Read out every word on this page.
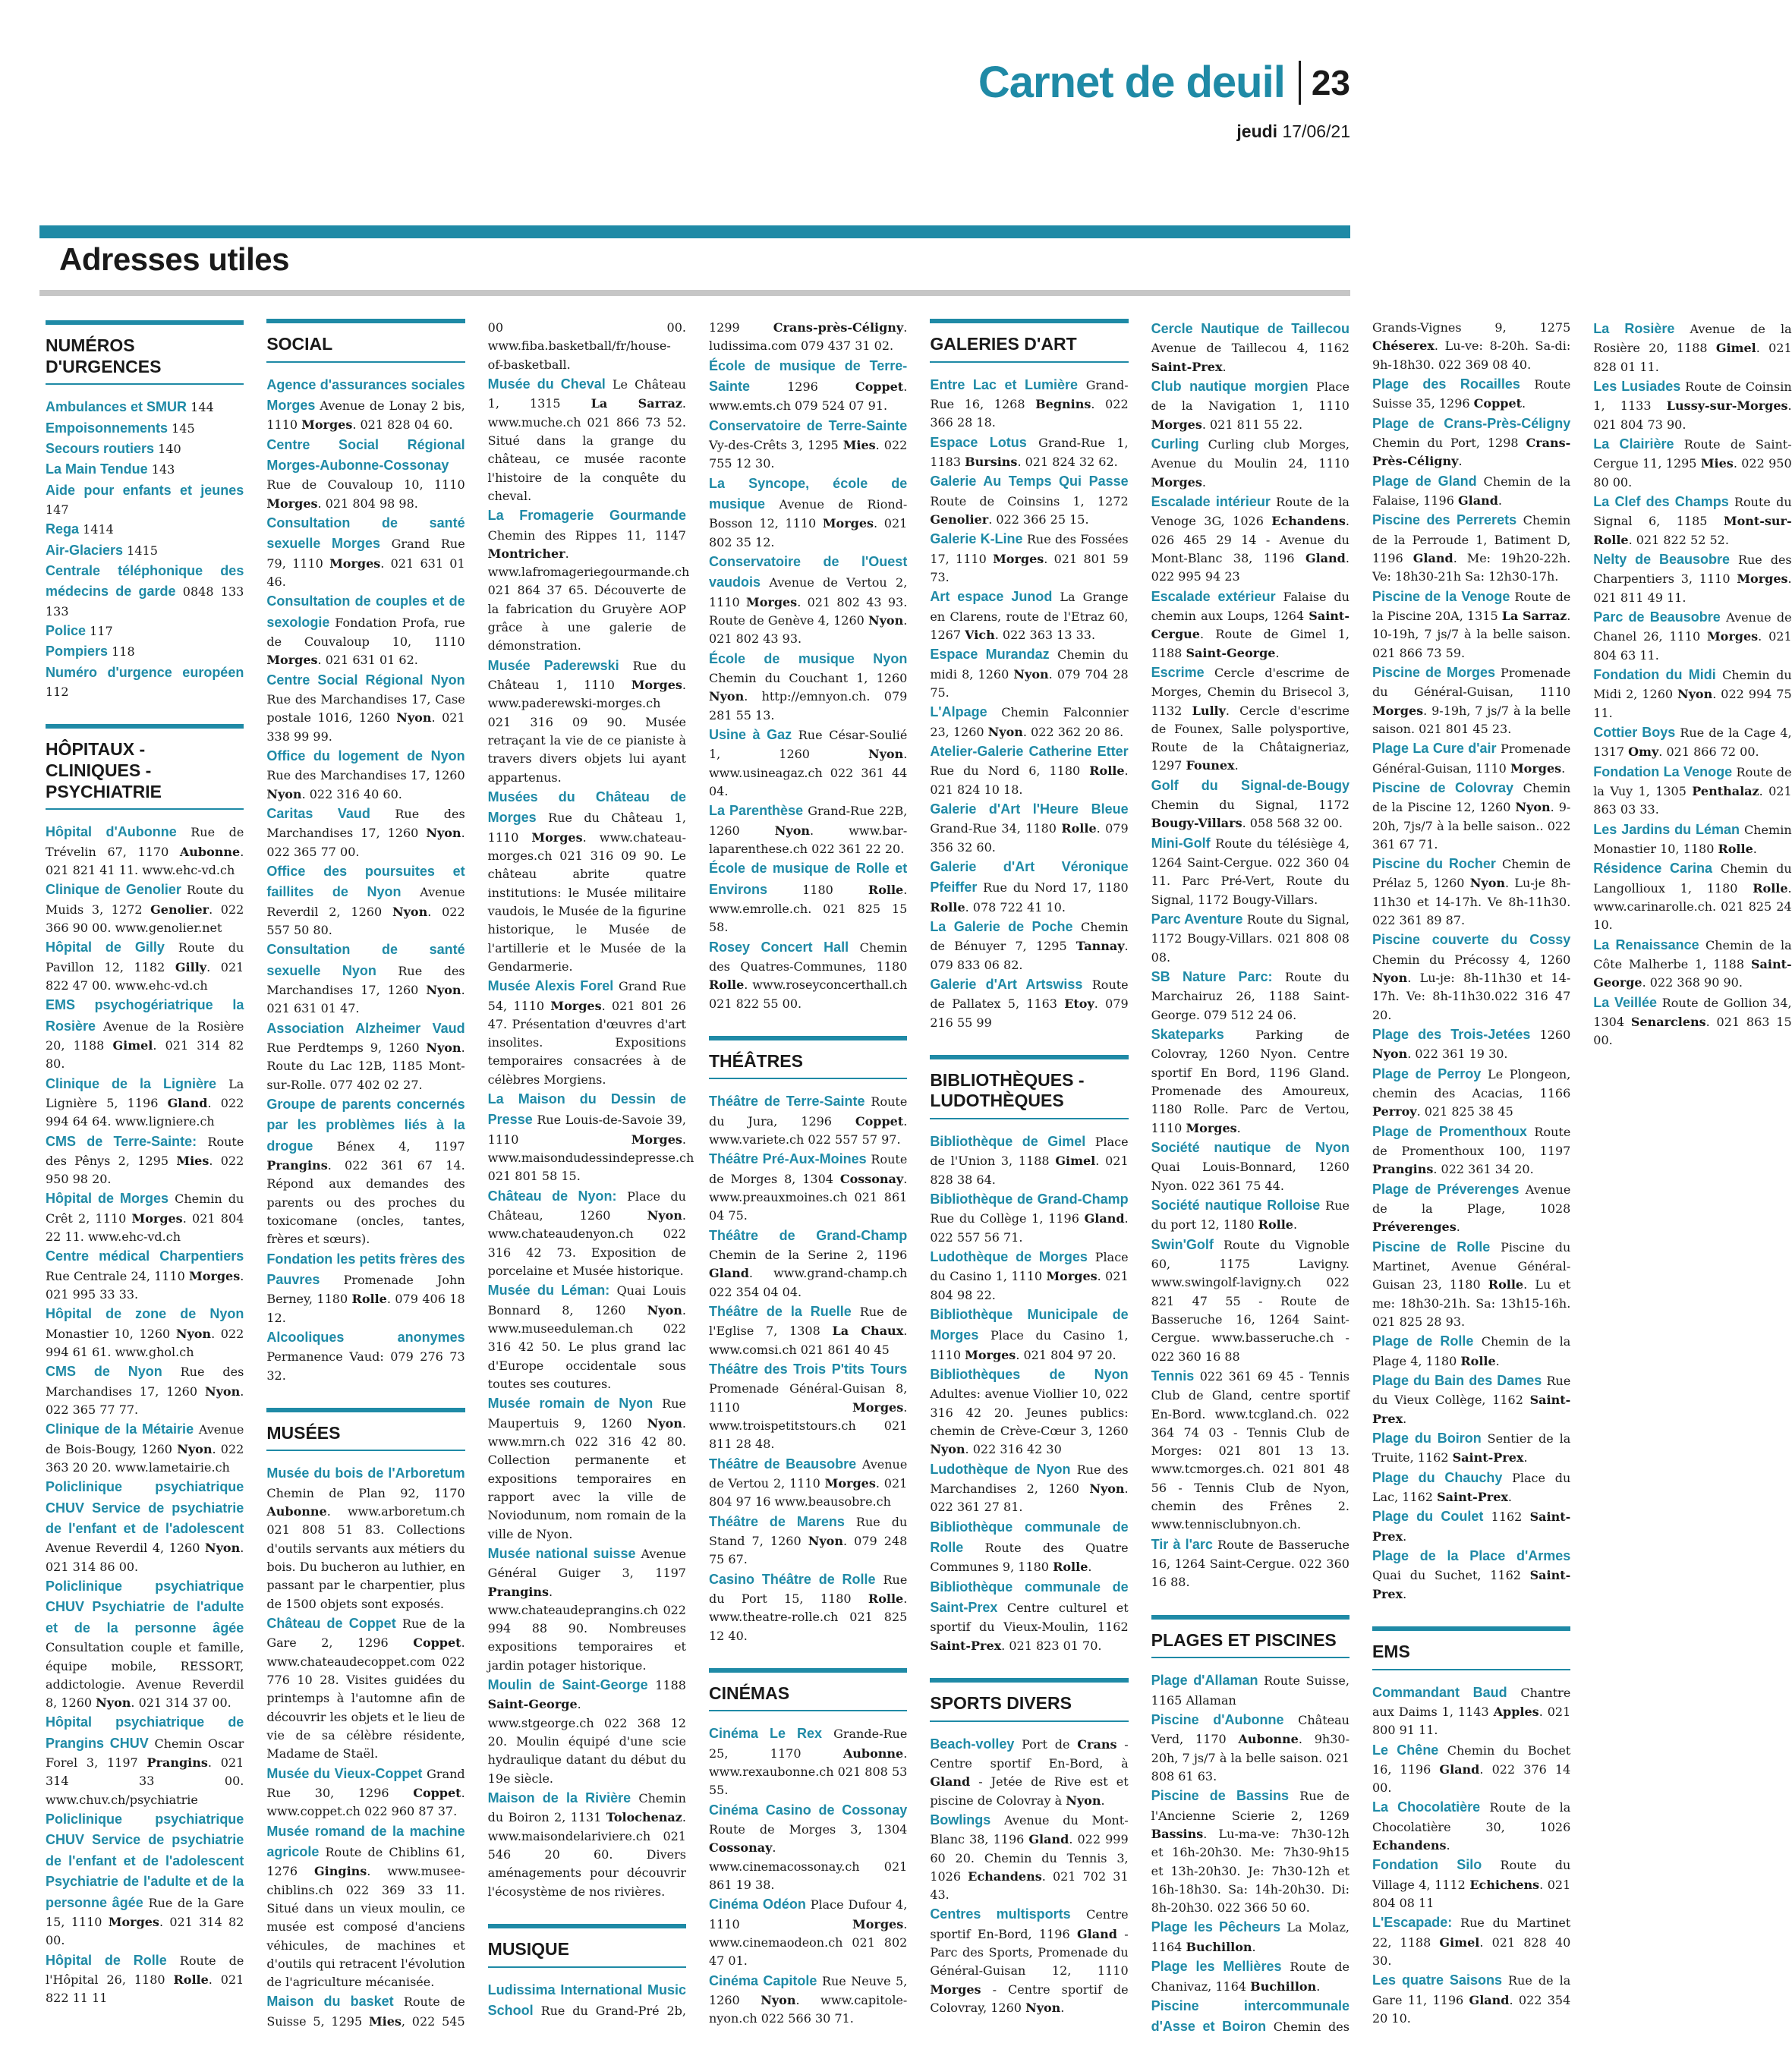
Carnet de deuil 23
jeudi 17/06/21
Adresses utiles
NUMÉROS D'URGENCES

Ambulances et SMUR 144

Empoisonnements 145

Secours routiers 140

La Main Tendue 143

Aide pour enfants et jeunes 147

Rega 1414

Air-Glaciers 1415

Centrale téléphonique des médecins de garde 0848 133 133

Police 117

Pompiers 118

Numéro d'urgence européen 112

HÔPITAUX - CLINIQUES - PSYCHIATRIE

Hôpital d'Aubonne Rue de Trévelin 67, 1170 Aubonne. 021 821 41 11. www.ehc-vd.ch

Clinique de Genolier Route du Muids 3, 1272 Genolier. 022 366 90 00. www.genolier.net

Hôpital de Gilly Route du Pavillon 12, 1182 Gilly. 021 822 47 00. www.ehc-vd.ch

EMS psychogériatrique la Rosière Avenue de la Rosière 20, 1188 Gimel. 021 314 82 80.

Clinique de la Lignière La Lignière 5, 1196 Gland. 022 994 64 64. www.ligniere.ch

CMS de Terre-Sainte: Route des Pênys 2, 1295 Mies. 022 950 98 20.

Hôpital de Morges Chemin du Crêt 2, 1110 Morges. 021 804 22 11. www.ehc-vd.ch

Centre médical Charpentiers Rue Centrale 24, 1110 Morges. 021 995 33 33.

Hôpital de zone de Nyon Monastier 10, 1260 Nyon. 022 994 61 61. www.ghol.ch

CMS de Nyon Rue des Marchandises 17, 1260 Nyon. 022 365 77 77.

Clinique de la Métairie Avenue de Bois-Bougy, 1260 Nyon. 022 363 20 20. www.lametairie.ch

Policlinique psychiatrique CHUV Service de psychiatrie de l'enfant et de l'adolescent Avenue Reverdil 4, 1260 Nyon. 021 314 86 00.

Policlinique psychiatrique CHUV Psychiatrie de l'adulte et de la personne âgée Consultation couple et famille, équipe mobile, RESSORT, addictologie. Avenue Reverdil 8, 1260 Nyon. 021 314 37 00.

Hôpital psychiatrique de Prangins CHUV Chemin Oscar Forel 3, 1197 Prangins. 021 314 33 00. www.chuv.ch/psychiatrie

Policlinique psychiatrique CHUV Service de psychiatrie de l'enfant et de l'adolescent Psychiatrie de l'adulte et de la personne âgée Rue de la Gare 15, 1110 Morges. 021 314 82 00.

Hôpital de Rolle Route de l'Hôpital 26, 1180 Rolle. 021 822 11 11

SOCIAL

Agence d'assurances sociales Morges Avenue de Lonay 2 bis, 1110 Morges. 021 828 04 60.

Centre Social Régional Morges-Aubonne-Cossonay Rue de Couvaloup 10, 1110 Morges. 021 804 98 98.

Consultation de santé sexuelle Morges Grand Rue 79, 1110 Morges. 021 631 01 46.

Consultation de couples et de sexologie Fondation Profa, rue de Couvaloup 10, 1110 Morges. 021 631 01 62.

Centre Social Régional Nyon Rue des Marchandises 17, Case postale 1016, 1260 Nyon. 021 338 99 99.

Office du logement de Nyon Rue des Marchandises 17, 1260 Nyon. 022 316 40 60.

Caritas Vaud Rue des Marchandises 17, 1260 Nyon. 022 365 77 00.

Office des poursuites et faillites de Nyon Avenue Reverdil 2, 1260 Nyon. 022 557 50 80.

Consultation de santé sexuelle Nyon Rue des Marchandises 17, 1260 Nyon. 021 631 01 47.

Association Alzheimer Vaud Rue Perdtemps 9, 1260 Nyon. Route du Lac 12B, 1185 Mont-sur-Rolle. 077 402 02 27.

Groupe de parents concernés par les problèmes liés à la drogue Bénex 4, 1197 Prangins. 022 361 67 14. Répond aux demandes des parents ou des proches du toxicomane (oncles, tantes, frères et sœurs).

Fondation les petits frères des Pauvres Promenade John Berney, 1180 Rolle. 079 406 18 12.

Alcooliques anonymes Permanence Vaud: 079 276 73 32.

MUSÉES

Musée du bois de l'Arboretum Chemin de Plan 92, 1170 Aubonne. www.arboretum.ch 021 808 51 83. Collections d'outils servants aux métiers du bois. Du bucheron au luthier, en passant par le charpentier, plus de 1500 objets sont exposés.

Château de Coppet Rue de la Gare 2, 1296 Coppet. www.chateaudecoppet.com 022 776 10 28. Visites guidées du printemps à l'automne afin de découvrir les objets et le lieu de vie de sa célèbre résidente, Madame de Staël.

Musée du Vieux-Coppet Grand Rue 30, 1296 Coppet. www.coppet.ch 022 960 87 37.

Musée romand de la machine agricole Route de Chiblins 61, 1276 Gingins. www.musee-chiblins.ch 022 369 33 11. Situé dans un vieux moulin, ce musée est composé d'anciens véhicules, de machines et d'outils qui retracent l'évolution de l'agriculture mécanisée.

Maison du basket Route de Suisse 5, 1295 Mies, 022 545 00 00. www.fiba.basketball/fr/house-of-basketball.

Musée du Cheval Le Château 1, 1315 La Sarraz. www.muche.ch 021 866 73 52. Situé dans la grange du château, ce musée raconte l'histoire de la conquête du cheval.

La Fromagerie Gourmande Chemin des Rippes 11, 1147 Montricher. www.lafromageriegourmande.ch 021 864 37 65. Découverte de la fabrication du Gruyère AOP grâce à une galerie de démonstration.

Musée Paderewski Rue du Château 1, 1110 Morges. www.paderewski-morges.ch 021 316 09 90. Musée retraçant la vie de ce pianiste à travers divers objets lui ayant appartenus.

Musées du Château de Morges Rue du Château 1, 1110 Morges. www.chateau-morges.ch 021 316 09 90. Le château abrite quatre institutions: le Musée militaire vaudois, le Musée de la figurine historique, le Musée de l'artillerie et le Musée de la Gendarmerie.

Musée Alexis Forel Grand Rue 54, 1110 Morges. 021 801 26 47. Présentation d'œuvres d'art insolites. Expositions temporaires consacrées à de célèbres Morgiens.

La Maison du Dessin de Presse Rue Louis-de-Savoie 39, 1110 Morges. www.maisondudessindepresse.ch 021 801 58 15.

Château de Nyon: Place du Château, 1260 Nyon. www.chateaudenyon.ch 022 316 42 73. Exposition de porcelaine et Musée historique.

Musée du Léman: Quai Louis Bonnard 8, 1260 Nyon. www.museeduleman.ch 022 316 42 50. Le plus grand lac d'Europe occidentale sous toutes ses coutures.

Musée romain de Nyon Rue Maupertuis 9, 1260 Nyon. www.mrn.ch 022 316 42 80. Collection permanente et expositions temporaires en rapport avec la ville de Noviodunum, nom romain de la ville de Nyon.

Musée national suisse Avenue Général Guiger 3, 1197 Prangins. www.chateaudeprangins.ch 022 994 88 90. Nombreuses expositions temporaires et jardin potager historique.

Moulin de Saint-George 1188 Saint-George. www.stgeorge.ch 022 368 12 20. Moulin équipé d'une scie hydraulique datant du début du 19e siècle.

Maison de la Rivière Chemin du Boiron 2, 1131 Tolochenaz. www.maisondelariviere.ch 021 546 20 60. Divers aménagements pour découvrir l'écosystème de nos rivières.

MUSIQUE

Ludissima International Music School Rue du Grand-Pré 2b, 1299 Crans-près-Céligny. ludissima.com 079 437 31 02.

École de musique de Terre-Sainte 1296 Coppet. www.emts.ch 079 524 07 91.

Conservatoire de Terre-Sainte Vy-des-Crêts 3, 1295 Mies. 022 755 12 30.

La Syncope, école de musique Avenue de Riond-Bosson 12, 1110 Morges. 021 802 35 12.

Conservatoire de l'Ouest vaudois Avenue de Vertou 2, 1110 Morges. 021 802 43 93. Route de Genève 4, 1260 Nyon. 021 802 43 93.

École de musique Nyon Chemin du Couchant 1, 1260 Nyon. http://emnyon.ch. 079 281 55 13.

Usine à Gaz Rue César-Soulié 1, 1260 Nyon. www.usineagaz.ch 022 361 44 04.

La Parenthèse Grand-Rue 22B, 1260 Nyon. www.bar-laparenthese.ch 022 361 22 20.

École de musique de Rolle et Environs 1180 Rolle. www.emrolle.ch. 021 825 15 58.

Rosey Concert Hall Chemin des Quatres-Communes, 1180 Rolle. www.roseyconcerthall.ch 021 822 55 00.

THÉÂTRES

Théâtre de Terre-Sainte Route du Jura, 1296 Coppet. www.variete.ch 022 557 57 97.

Théâtre Pré-Aux-Moines Route de Morges 8, 1304 Cossonay. www.preauxmoines.ch 021 861 04 75.

Théâtre de Grand-Champ Chemin de la Serine 2, 1196 Gland. www.grand-champ.ch 022 354 04 04.

Théâtre de la Ruelle Rue de l'Eglise 7, 1308 La Chaux. www.comsi.ch 021 861 40 45

Théâtre des Trois P'tits Tours Promenade Général-Guisan 8, 1110 Morges. www.troispetitstours.ch 021 811 28 48.

Théâtre de Beausobre Avenue de Vertou 2, 1110 Morges. 021 804 97 16 www.beausobre.ch

Théâtre de Marens Rue du Stand 7, 1260 Nyon. 079 248 75 67.

Casino Théâtre de Rolle Rue du Port 15, 1180 Rolle. www.theatre-rolle.ch 021 825 12 40.

CINÉMAS

Cinéma Le Rex Grande-Rue 25, 1170 Aubonne. www.rexaubonne.ch 021 808 53 55.

Cinéma Casino de Cossonay Route de Morges 3, 1304 Cossonay. www.cinemacossonay.ch 021 861 19 38.

Cinéma Odéon Place Dufour 4, 1110 Morges. www.cinemaodeon.ch 021 802 47 01.

Cinéma Capitole Rue Neuve 5, 1260 Nyon. www.capitole-nyon.ch 022 566 30 71.

GALERIES D'ART

Entre Lac et Lumière Grand-Rue 16, 1268 Begnins. 022 366 28 18.

Espace Lotus Grand-Rue 1, 1183 Bursins. 021 824 32 62.

Galerie Au Temps Qui Passe Route de Coinsins 1, 1272 Genolier. 022 366 25 15.

Galerie K-Line Rue des Fossées 17, 1110 Morges. 021 801 59 73.

Art espace Junod La Grange en Clarens, route de l'Etraz 60, 1267 Vich. 022 363 13 33.

Espace Murandaz Chemin du midi 8, 1260 Nyon. 079 704 28 75.

L'Alpage Chemin Falconnier 23, 1260 Nyon. 022 362 20 86.

Atelier-Galerie Catherine Etter Rue du Nord 6, 1180 Rolle. 021 824 10 18.

Galerie d'Art l'Heure Bleue Grand-Rue 34, 1180 Rolle. 079 356 32 60.

Galerie d'Art Véronique Pfeiffer Rue du Nord 17, 1180 Rolle. 078 722 41 10.

La Galerie de Poche Chemin de Bénuyer 7, 1295 Tannay. 079 833 06 82.

Galerie d'Art Artswiss Route de Pallatex 5, 1163 Etoy. 079 216 55 99

BIBLIOTHÈQUES - LUDOTHÈQUES

Bibliothèque de Gimel Place de l'Union 3, 1188 Gimel. 021 828 38 64.

Bibliothèque de Grand-Champ Rue du Collège 1, 1196 Gland. 022 557 56 71.

Ludothèque de Morges Place du Casino 1, 1110 Morges. 021 804 98 22.

Bibliothèque Municipale de Morges Place du Casino 1, 1110 Morges. 021 804 97 20.

Bibliothèques de Nyon Adultes: avenue Viollier 10, 022 316 42 20. Jeunes publics: chemin de Crève-Cœur 3, 1260 Nyon. 022 316 42 30

Ludothèque de Nyon Rue des Marchandises 2, 1260 Nyon. 022 361 27 81.

Bibliothèque communale de Rolle Route des Quatre Communes 9, 1180 Rolle.

Bibliothèque communale de Saint-Prex Centre culturel et sportif du Vieux-Moulin, 1162 Saint-Prex. 021 823 01 70.

SPORTS DIVERS

Beach-volley Port de Crans - Centre sportif En-Bord, à Gland - Jetée de Rive est et piscine de Colovray à Nyon.

Bowlings Avenue du Mont-Blanc 38, 1196 Gland. 022 999 60 20. Chemin du Tennis 3, 1026 Echandens. 021 702 31 43.

Centres multisports Centre sportif En-Bord, 1196 Gland - Parc des Sports, Promenade du Général-Guisan 12, 1110 Morges - Centre sportif de Colovray, 1260 Nyon.

Cercle Nautique de Taillecou Avenue de Taillecou 4, 1162 Saint-Prex.

Club nautique morgien Place de la Navigation 1, 1110 Morges. 021 811 55 22.

Curling Curling club Morges, Avenue du Moulin 24, 1110 Morges.

Escalade intérieur Route de la Venoge 3G, 1026 Echandens. 026 465 29 14 - Avenue du Mont-Blanc 38, 1196 Gland. 022 995 94 23

Escalade extérieur Falaise du chemin aux Loups, 1264 Saint-Cergue. Route de Gimel 1, 1188 Saint-George.

Escrime Cercle d'escrime de Morges, Chemin du Brisecol 3, 1132 Lully. Cercle d'escrime de Founex, Salle polysportive, Route de la Châtaigneriaz, 1297 Founex.

Golf du Signal-de-Bougy Chemin du Signal, 1172 Bougy-Villars. 058 568 32 00.

Mini-Golf Route du télésiège 4, 1264 Saint-Cergue. 022 360 04 11. Parc Pré-Vert, Route du Signal, 1172 Bougy-Villars.

Parc Aventure Route du Signal, 1172 Bougy-Villars. 021 808 08 08.

SB Nature Parc: Route du Marchairuz 26, 1188 Saint-George. 079 512 24 06.

Skateparks Parking de Colovray, 1260 Nyon. Centre sportif En Bord, 1196 Gland. Promenade des Amoureux, 1180 Rolle. Parc de Vertou, 1110 Morges.

Société nautique de Nyon Quai Louis-Bonnard, 1260 Nyon. 022 361 75 44.

Société nautique Rolloise Rue du port 12, 1180 Rolle.

Swin'Golf Route du Vignoble 60, 1175 Lavigny. www.swingolf-lavigny.ch 022 821 47 55 - Route de Basseruche 16, 1264 Saint-Cergue. www.basseruche.ch - 022 360 16 88

Tennis 022 361 69 45 - Tennis Club de Gland, centre sportif En-Bord. www.tcgland.ch. 022 364 74 03 - Tennis Club de Morges: 021 801 13 13. www.tcmorges.ch. 021 801 48 56 - Tennis Club de Nyon, chemin des Frênes 2. www.tennisclubnyon.ch.

Tir à l'arc Route de Basseruche 16, 1264 Saint-Cergue. 022 360 16 88.

PLAGES ET PISCINES

Plage d'Allaman Route Suisse, 1165 Allaman

Piscine d'Aubonne Château Verd, 1170 Aubonne. 9h30-20h, 7 js/7 à la belle saison. 021 808 61 63.

Piscine de Bassins Rue de l'Ancienne Scierie 2, 1269 Bassins. Lu-ma-ve: 7h30-12h et 16h-20h30. Me: 7h30-9h15 et 13h-20h30. Je: 7h30-12h et 16h-18h30. Sa: 14h-20h30. Di: 8h-20h30. 022 366 50 60.

Plage les Pêcheurs La Molaz, 1164 Buchillon.

Plage les Mellières Route de Chanivaz, 1164 Buchillon.

Piscine intercommunale d'Asse et Boiron Chemin des Grands-Vignes 9, 1275 Chéserex. Lu-ve: 8-20h. Sa-di: 9h-18h30. 022 369 08 40.

Plage des Rocailles Route Suisse 35, 1296 Coppet.

Plage de Crans-Près-Céligny Chemin du Port, 1298 Crans-Près-Céligny.

Plage de Gland Chemin de la Falaise, 1196 Gland.

Piscine des Perrerets Chemin de la Perroude 1, Batiment D, 1196 Gland. Me: 19h20-22h. Ve: 18h30-21h Sa: 12h30-17h.

Piscine de la Venoge Route de la Piscine 20A, 1315 La Sarraz. 10-19h, 7 js/7 à la belle saison. 021 866 73 59.

Piscine de Morges Promenade du Général-Guisan, 1110 Morges. 9-19h, 7 js/7 à la belle saison. 021 801 45 23.

Plage La Cure d'air Promenade Général-Guisan, 1110 Morges.

Piscine de Colovray Chemin de la Piscine 12, 1260 Nyon. 9-20h, 7js/7 à la belle saison.. 022 361 67 71.

Piscine du Rocher Chemin de Prélaz 5, 1260 Nyon. Lu-je 8h-11h30 et 14-17h. Ve 8h-11h30. 022 361 89 87.

Piscine couverte du Cossy Chemin du Précossy 4, 1260 Nyon. Lu-je: 8h-11h30 et 14-17h. Ve: 8h-11h30.022 316 47 20.

Plage des Trois-Jetées 1260 Nyon. 022 361 19 30.

Plage de Perroy Le Plongeon, chemin des Acacias, 1166 Perroy. 021 825 38 45

Plage de Promenthoux Route de Promenthoux 100, 1197 Prangins. 022 361 34 20.

Plage de Préverenges Avenue de la Plage, 1028 Préverenges.

Piscine de Rolle Piscine du Martinet, Avenue Général-Guisan 23, 1180 Rolle. Lu et me: 18h30-21h. Sa: 13h15-16h. 021 825 28 93.

Plage de Rolle Chemin de la Plage 4, 1180 Rolle.

Plage du Bain des Dames Rue du Vieux Collège, 1162 Saint-Prex.

Plage du Boiron Sentier de la Truite, 1162 Saint-Prex.

Plage du Chauchy Place du Lac, 1162 Saint-Prex.

Plage du Coulet 1162 Saint-Prex.

Plage de la Place d'Armes Quai du Suchet, 1162 Saint-Prex.

EMS

Commandant Baud Chantre aux Daims 1, 1143 Apples. 021 800 91 11.

Le Chêne Chemin du Bochet 16, 1196 Gland. 022 376 14 00.

La Chocolatière Route de la Chocolatière 30, 1026 Echandens.

Fondation Silo Route du Village 4, 1112 Echichens. 021 804 08 11

L'Escapade: Rue du Martinet 22, 1188 Gimel. 021 828 40 30.

Les quatre Saisons Rue de la Gare 11, 1196 Gland. 022 354 20 10.

La Rosière Avenue de la Rosière 20, 1188 Gimel. 021 828 01 11.

Les Lusiades Route de Coinsin 1, 1133 Lussy-sur-Morges. 021 804 73 90.

La Clairière Route de Saint-Cergue 11, 1295 Mies. 022 950 80 00.

La Clef des Champs Route du Signal 6, 1185 Mont-sur-Rolle. 021 822 52 52.

Nelty de Beausobre Rue des Charpentiers 3, 1110 Morges. 021 811 49 11.

Parc de Beausobre Avenue de Chanel 26, 1110 Morges. 021 804 63 11.

Fondation du Midi Chemin du Midi 2, 1260 Nyon. 022 994 75 11.

Cottier Boys Rue de la Cage 4, 1317 Omy. 021 866 72 00.

Fondation La Venoge Route de la Vuy 1, 1305 Penthalaz. 021 863 03 33.

Les Jardins du Léman Chemin Monastier 10, 1180 Rolle.

Résidence Carina Chemin du Langollioux 1, 1180 Rolle. www.carinarolle.ch. 021 825 24 10.

La Renaissance Chemin de la Côte Malherbe 1, 1188 Saint-George. 022 368 90 90.

La Veillée Route de Gollion 34, 1304 Senarclens. 021 863 15 00.
